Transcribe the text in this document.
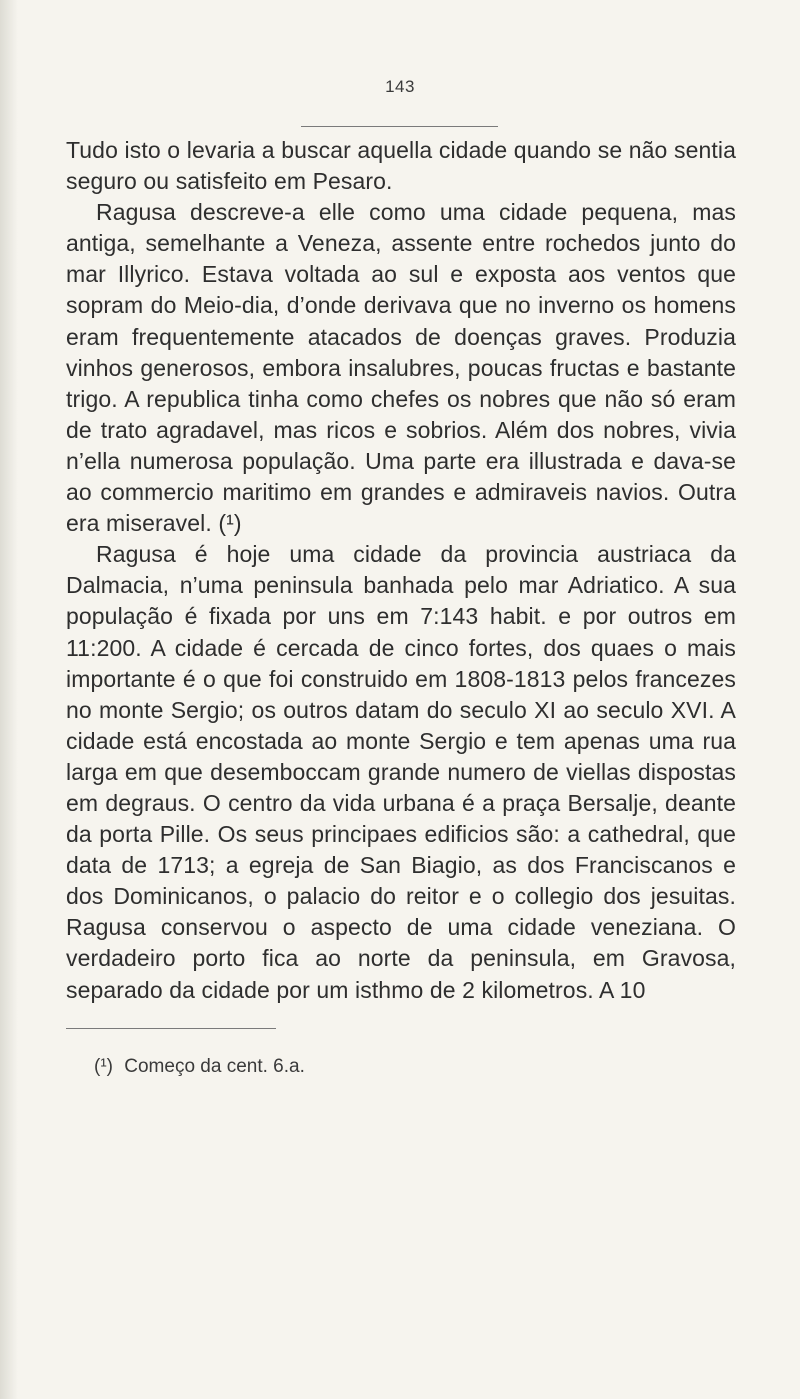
143

Tudo isto o levaria a buscar aquella cidade quando se não sentia seguro ou satisfeito em Pesaro.

Ragusa descreve-a elle como uma cidade pequena, mas antiga, semelhante a Veneza, assente entre rochedos junto do mar Illyrico. Estava voltada ao sul e exposta aos ventos que sopram do Meio-dia, d’onde derivava que no inverno os homens eram frequentemente atacados de doenças graves. Produzia vinhos generosos, embora insalubres, poucas fructas e bastante trigo. A republica tinha como chefes os nobres que não só eram de trato agradavel, mas ricos e sobrios. Além dos nobres, vivia n’ella numerosa população. Uma parte era illustrada e dava-se ao commercio maritimo em grandes e admiraveis navios. Outra era miseravel. (¹)

Ragusa é hoje uma cidade da provincia austriaca da Dalmacia, n’uma peninsula banhada pelo mar Adriatico. A sua população é fixada por uns em 7:143 habit. e por outros em 11:200. A cidade é cercada de cinco fortes, dos quaes o mais importante é o que foi construido em 1808-1813 pelos francezes no monte Sergio; os outros datam do seculo XI ao seculo XVI. A cidade está encostada ao monte Sergio e tem apenas uma rua larga em que desemboccam grande numero de viellas dispostas em degraus. O centro da vida urbana é a praça Bersalje, deante da porta Pille. Os seus principaes edificios são: a cathedral, que data de 1713; a egreja de San Biagio, as dos Franciscanos e dos Dominicanos, o palacio do reitor e o collegio dos jesuitas. Ragusa conservou o aspecto de uma cidade veneziana. O verdadeiro porto fica ao norte da peninsula, em Gravosa, separado da cidade por um isthmo de 2 kilometros. A 10

(¹) Começo da cent. 6.a.
